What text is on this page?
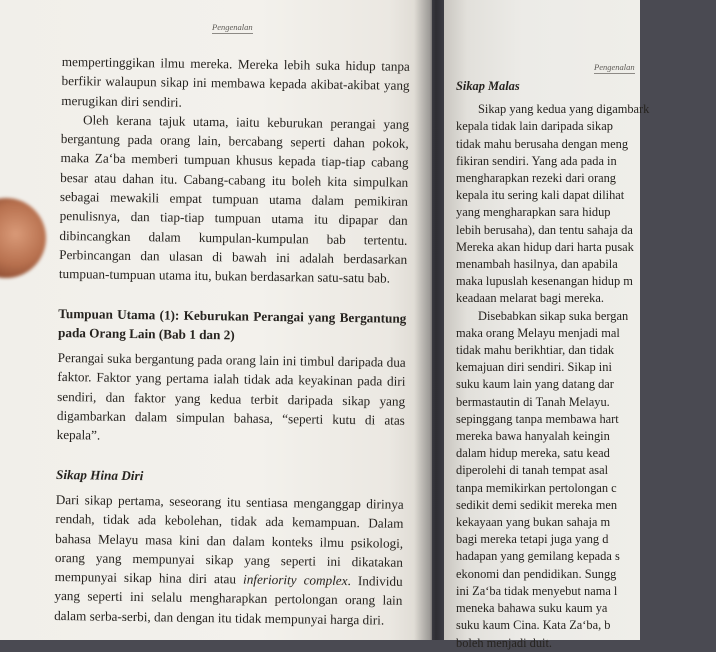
Pengenalan

mempertinggikan ilmu mereka. Mereka lebih suka hidup tanpa berfikir walaupun sikap ini membawa kepada akibat-akibat yang merugikan diri sendiri.

Oleh kerana tajuk utama, iaitu keburukan perangai yang bergantung pada orang lain, bercabang seperti dahan pokok, maka Za‘ba memberi tumpuan khusus kepada tiap-tiap cabang besar atau dahan itu. Cabang-cabang itu boleh kita simpulkan sebagai mewakili empat tumpuan utama dalam pemikiran penulisnya, dan tiap-tiap tumpuan utama itu dipapar dan dibincangkan dalam kumpulan-kumpulan bab tertentu. Perbincangan dan ulasan di bawah ini adalah berdasarkan tumpuan-tumpuan utama itu, bukan berdasarkan satu-satu bab.

Tumpuan Utama (1): Keburukan Perangai yang Bergantung pada Orang Lain (Bab 1 dan 2)

Perangai suka bergantung pada orang lain ini timbul daripada dua faktor. Faktor yang pertama ialah tidak ada keyakinan pada diri sendiri, dan faktor yang kedua terbit daripada sikap yang digambarkan dalam simpulan bahasa, “seperti kutu di atas kepala”.

Sikap Hina Diri

Dari sikap pertama, seseorang itu sentiasa menganggap dirinya rendah, tidak ada kebolehan, tidak ada kemampuan. Dalam bahasa Melayu masa kini dan dalam konteks ilmu psikologi, orang yang mempunyai sikap yang seperti ini dikatakan mempunyai sikap hina diri atau inferiority complex. Individu yang seperti ini selalu mengharapkan pertolongan orang lain dalam serba-serbi, dan dengan itu tidak mempunyai harga diri.

Pengenalan
Sikap Malas
Sikap yang kedua yang digambark
kepala tidak lain daripada sikap
tidak mahu berusaha dengan meng
fikiran sendiri. Yang ada pada in
mengharapkan rezeki dari orang
kepala itu sering kali dapat dilihat
yang mengharapkan sara hidup
lebih berusaha), dan tentu sahaja da
Mereka akan hidup dari harta pusak
menambah hasilnya, dan apabila
maka lupuslah kesenangan hidup m
keadaan melarat bagi mereka.
Disebabkan sikap suka bergan
maka orang Melayu menjadi mal
tidak mahu berikhtiar, dan tidak
kemajuan diri sendiri. Sikap ini
suku kaum lain yang datang dar
bermastautin di Tanah Melayu.
sepinggang tanpa membawa hart
mereka bawa hanyalah keingin
dalam hidup mereka, satu kead
diperolehi di tanah tempat asal
tanpa memikirkan pertolongan c
sedikit demi sedikit mereka men
kekayaan yang bukan sahaja m
bagi mereka tetapi juga yang d
hadapan yang gemilang kepada s
ekonomi dan pendidikan. Sungg
ini Za‘ba tidak menyebut nama l
meneka bahawa suku kaum ya
suku kaum Cina. Kata Za‘ba, b
boleh menjadi duit.
